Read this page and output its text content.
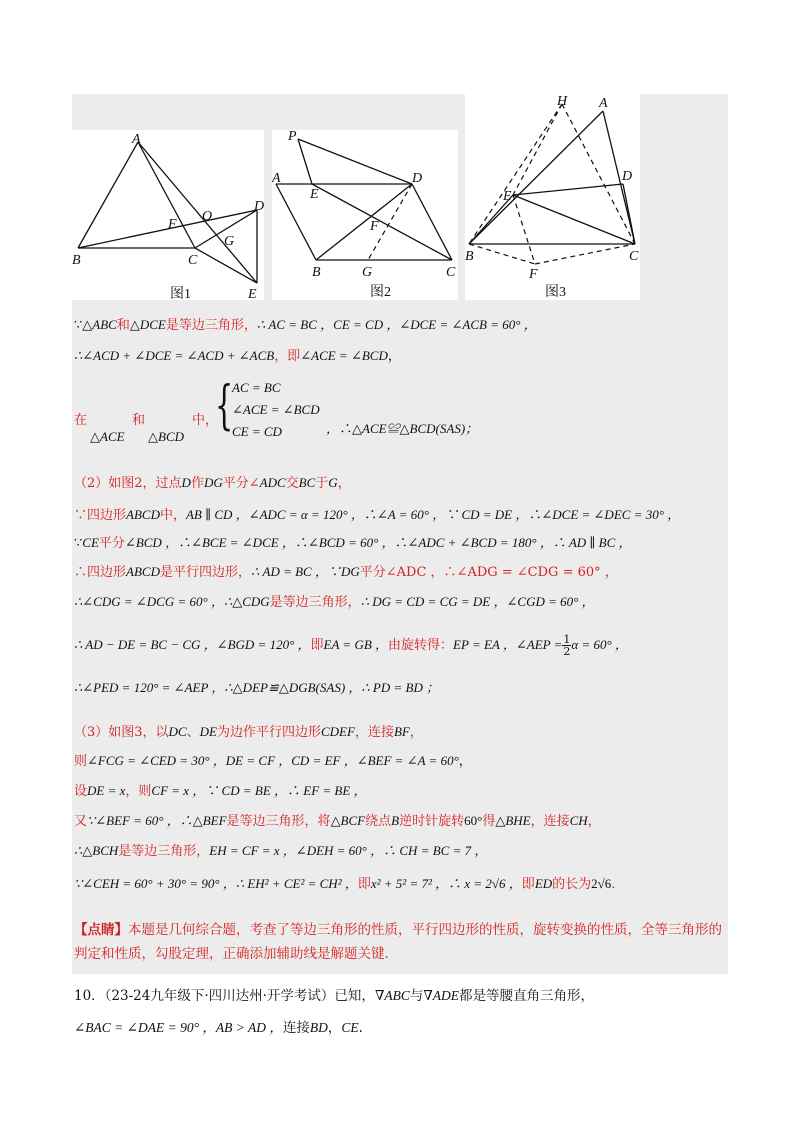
A
B	C
D
E
F
O
G
图1
P
A
E
D
F
B	G	C
图2
H A
D
E
B
F
C
图3
∵△ABC和△DCE是等边三角形，∴ AC = BC ，CE = CD ，∠DCE = ∠ACB = 60° ，
∴∠ACD + ∠DCE = ∠ACD + ∠ACB，即∠ACE = ∠BCD，
在
△ACE
和
△BCD
中，
{
AC = BC
∠ACE = ∠BCD
CE = CD	，∴△ACE≌△BCD(SAS)；
（2）如图2，过点D作DG平分∠ADC交BC于G，
∵四边形ABCD中，AB ∥ CD ，∠ADC = α = 120° ，∴∠A = 60° ，∵ CD = DE ，∴∠DCE = ∠DEC = 30° ，
∵CE平分∠BCD ，∴∠BCE = ∠DCE ，∴∠BCD = 60° ，∴∠ADC + ∠BCD = 180° ，∴ AD ∥ BC ，
∴四边形ABCD是平行四边形，∴ AD = BC ，∵DG平分∠ADC ，∴∠ADG = ∠CDG = 60° ，
∴∠CDG = ∠DCG = 60° ，∴△CDG是等边三角形，∴ DG = CD = CG = DE ，∠CGD = 60° ，
∴ AD − DE = BC − CG ，∠BGD = 120° ，即EA = GB ，由旋转得：EP = EA ，∠AEP = $\frac{1}{2}$ α = 60° ，
∴∠PED = 120° = ∠AEP ，∴△DEP≌△DGB(SAS) ，∴ PD = BD ；
（3）如图3，以DC、DE为边作平行四边形CDEF，连接BF，
则∠FCG = ∠CED = 30° ，DE = CF ，CD = EF ，∠BEF = ∠A = 60°，
设DE = x，则CF = x ，∵ CD = BE ，∴ EF = BE ，
又∵∠BEF = 60° ，∴△BEF是等边三角形，将△BCF绕点B逆时针旋转60°得△BHE，连接CH，
∴△BCH是等边三角形，EH = CF = x ，∠DEH = 60° ，∴ CH = BC = 7 ，
∵∠CEH = 60° + 30° = 90° ，∴ EH² + CE² = CH² ，即x² + 5² = 7² ，∴ x = 2√6 ，即ED的长为2√6．
【点睛】本题是几何综合题，考查了等边三角形的性质，平行四边形的性质，旋转变换的性质，全等三角形的判定和性质，勾股定理，正确添加辅助线是解题关键.
10．（23-24九年级下·四川达州·开学考试）已知，∇ABC与∇ADE都是等腰直角三角形，
∠BAC = ∠DAE = 90° ，AB > AD ，连接BD，CE.
